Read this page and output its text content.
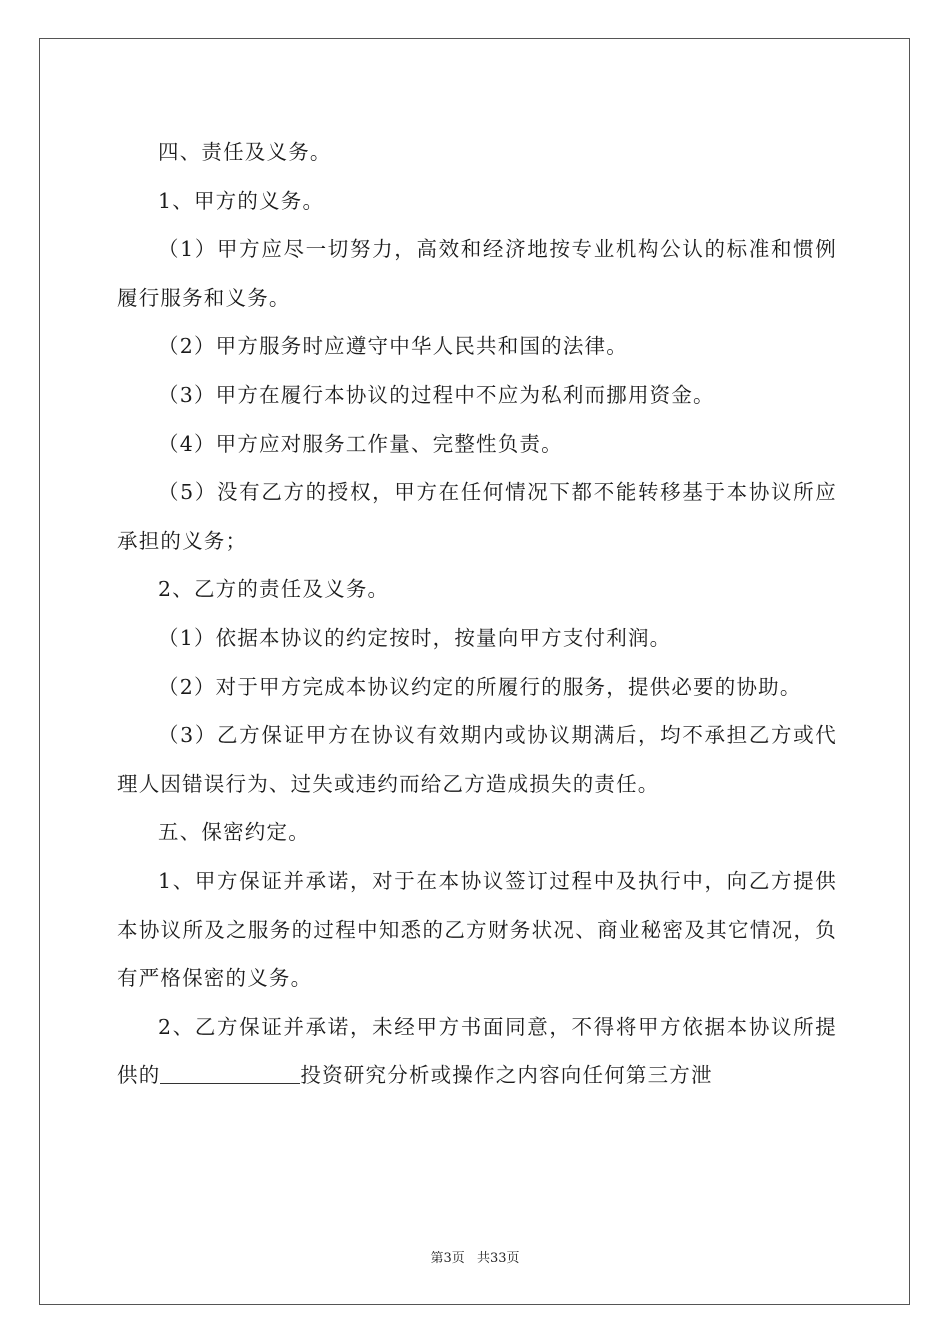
四、责任及义务。

1、甲方的义务。

（1）甲方应尽一切努力，高效和经济地按专业机构公认的标准和惯例履行服务和义务。

（2）甲方服务时应遵守中华人民共和国的法律。

（3）甲方在履行本协议的过程中不应为私利而挪用资金。

（4）甲方应对服务工作量、完整性负责。

（5）没有乙方的授权，甲方在任何情况下都不能转移基于本协议所应承担的义务；

2、乙方的责任及义务。

（1）依据本协议的约定按时，按量向甲方支付利润。

（2）对于甲方完成本协议约定的所履行的服务，提供必要的协助。

（3）乙方保证甲方在协议有效期内或协议期满后，均不承担乙方或代理人因错误行为、过失或违约而给乙方造成损失的责任。

五、保密约定。

1、甲方保证并承诺，对于在本协议签订过程中及执行中，向乙方提供本协议所及之服务的过程中知悉的乙方财务状况、商业秘密及其它情况，负有严格保密的义务。

2、乙方保证并承诺，未经甲方书面同意，不得将甲方依据本协议所提供的	投资研究分析或操作之内容向任何第三方泄

第3页 共33页
